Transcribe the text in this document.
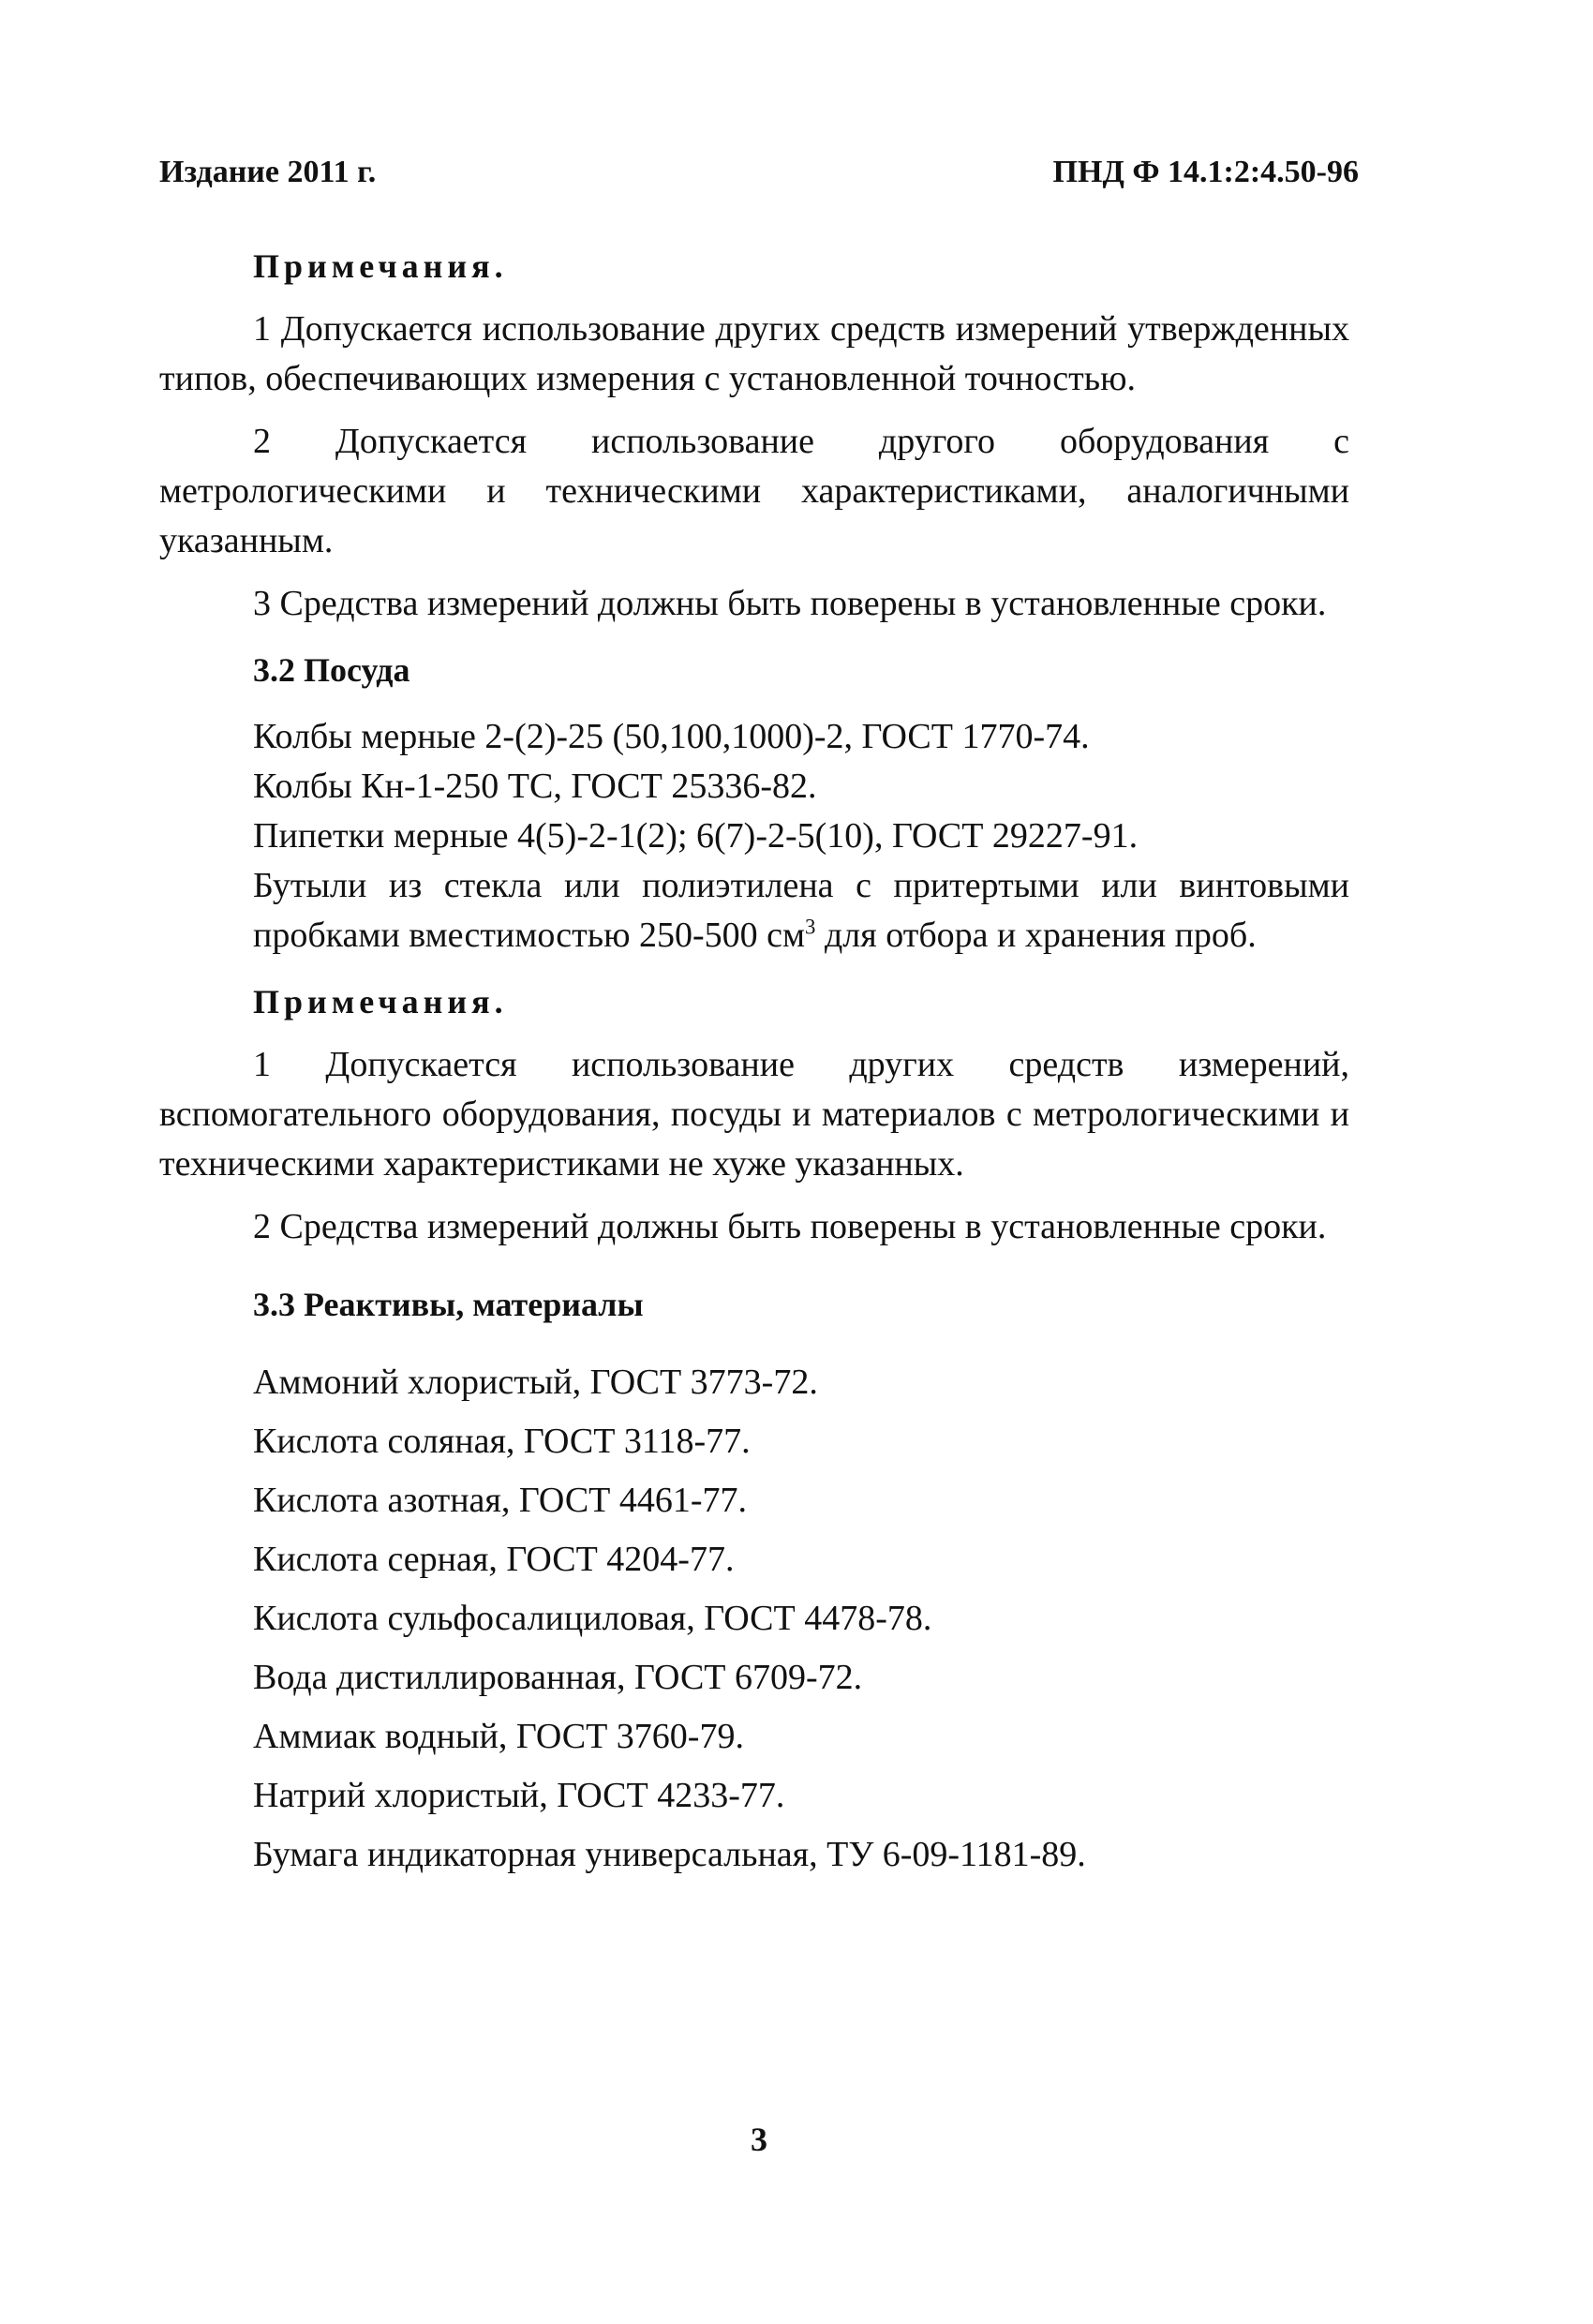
Издание 2011 г.	ПНД Ф 14.1:2:4.50-96

Примечания.

1 Допускается использование других средств измерений утвержденных типов, обеспечивающих измерения с установленной точностью.

2 Допускается использование другого оборудования с метрологическими и техническими характеристиками, аналогичными указанным.

3 Средства измерений должны быть поверены в установленные сроки.

3.2 Посуда

Колбы мерные 2-(2)-25 (50,100,1000)-2, ГОСТ 1770-74.

Колбы Кн-1-250 ТС, ГОСТ 25336-82.

Пипетки мерные 4(5)-2-1(2); 6(7)-2-5(10), ГОСТ 29227-91.

Бутыли из стекла или полиэтилена с притертыми или винтовыми пробками вместимостью 250-500 $см^3$ для отбора и хранения проб.

Примечания.

1 Допускается использование других средств измерений, вспомогательного оборудования, посуды и материалов с метрологическими и техническими характеристиками не хуже указанных.

2 Средства измерений должны быть поверены в установленные сроки.

3.3 Реактивы, материалы

Аммоний хлористый, ГОСТ 3773-72.

Кислота соляная, ГОСТ 3118-77.

Кислота азотная, ГОСТ 4461-77.

Кислота серная, ГОСТ 4204-77.

Кислота сульфосалициловая, ГОСТ 4478-78.

Вода дистиллированная, ГОСТ 6709-72.

Аммиак водный, ГОСТ 3760-79.

Натрий хлористый, ГОСТ 4233-77.

Бумага индикаторная универсальная, ТУ 6-09-1181-89.

3
